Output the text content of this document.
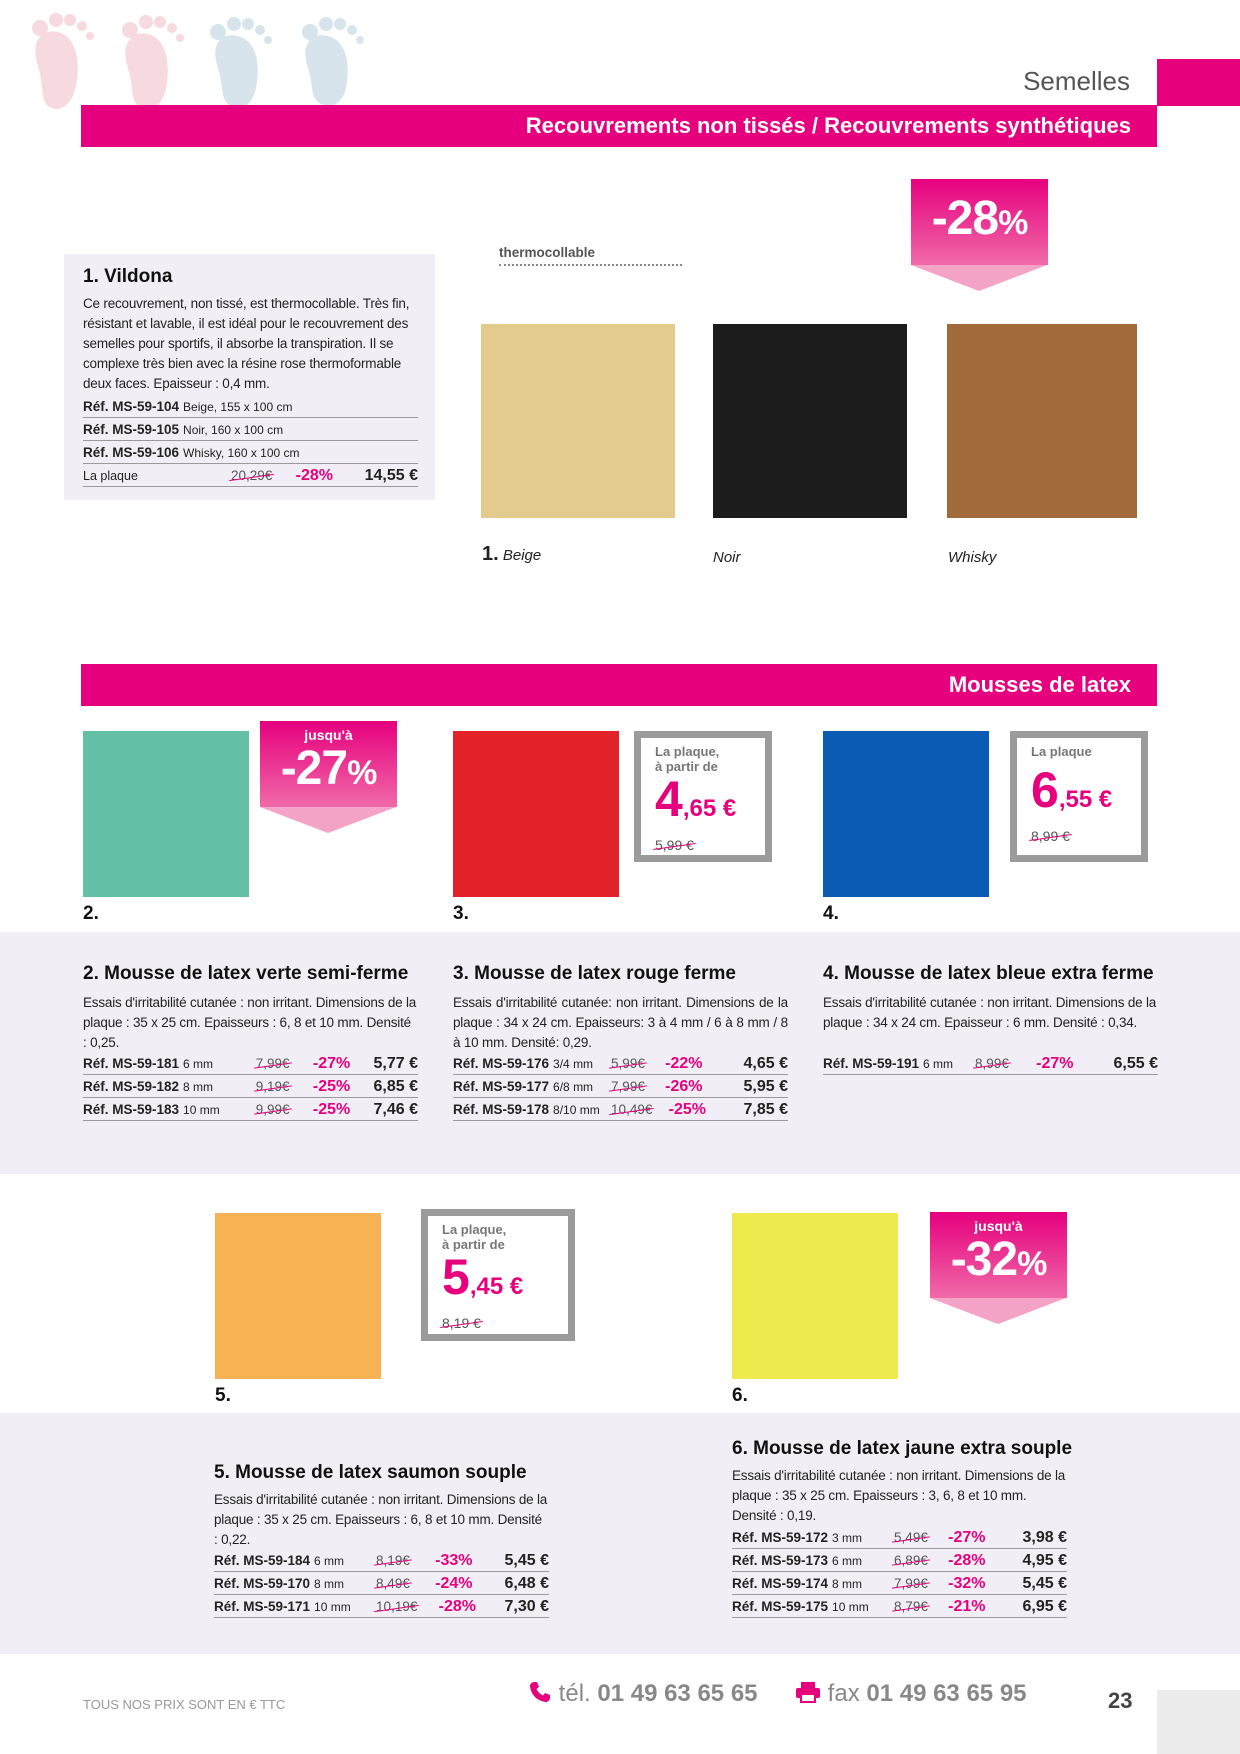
Semelles
Recouvrements non tissés / Recouvrements synthétiques
1. Vildona
Ce recouvrement, non tissé, est thermocollable. Très fin, résistant et lavable, il est idéal pour le recouvrement des semelles pour sportifs, il absorbe la transpiration. Il se complexe très bien avec la résine rose thermoformable deux faces. Epaisseur : 0,4 mm.
Réf. MS-59-104 Beige, 155 x 100 cm
Réf. MS-59-105 Noir, 160 x 100 cm
Réf. MS-59-106 Whisky, 160 x 100 cm
La plaque	20,29€	-28%	14,55 €
thermocollable
-28%
1. Beige	Noir	Whisky
Mousses de latex
jusqu'à
-27%
2.
2. Mousse de latex verte semi-ferme
Essais d'irritabilité cutanée : non irritant. Dimensions de la plaque : 35 x 25 cm. Epaisseurs : 6, 8 et 10 mm. Densité : 0,25.
Réf. MS-59-181 6 mm	7,99€	-27%	5,77 €
Réf. MS-59-182 8 mm	9,19€	-25%	6,85 €
Réf. MS-59-183 10 mm	9,99€	-25%	7,46 €
La plaque,
à partir de
4,65 €
5,99 €
3.
3. Mousse de latex rouge ferme
Essais d'irritabilité cutanée: non irritant. Dimensions de la plaque : 34 x 24 cm. Epaisseurs: 3 à 4 mm / 6 à 8 mm / 8 à 10 mm. Densité: 0,29.
Réf. MS-59-176 3/4 mm	5,99€	-22%	4,65 €
Réf. MS-59-177 6/8 mm	7,99€	-26%	5,95 €
Réf. MS-59-178 8/10 mm 10,49€	-25%	7,85 €
La plaque
6,55 €
8,99 €
4.
4. Mousse de latex bleue extra ferme
Essais d'irritabilité cutanée : non irritant. Dimensions de la plaque : 34 x 24 cm. Epaisseur : 6 mm. Densité : 0,34.
Réf. MS-59-191 6 mm	8,99€	-27%	6,55 €
La plaque,
à partir de
5,45 €
8,19 €
5.
5. Mousse de latex saumon souple
Essais d'irritabilité cutanée : non irritant. Dimensions de la plaque : 35 x 25 cm. Epaisseurs : 6, 8 et 10 mm. Densité : 0,22.
Réf. MS-59-184 6 mm	8,19€	-33%	5,45 €
Réf. MS-59-170 8 mm	8,49€	-24%	6,48 €
Réf. MS-59-171 10 mm	10,19€	-28%	7,30 €
jusqu'à
-32%
6.
6. Mousse de latex jaune extra souple
Essais d'irritabilité cutanée : non irritant. Dimensions de la plaque : 35 x 25 cm. Epaisseurs : 3, 6, 8 et 10 mm. Densité : 0,19.
Réf. MS-59-172 3 mm	5,49€	-27%	3,98 €
Réf. MS-59-173 6 mm	6,89€	-28%	4,95 €
Réf. MS-59-174 8 mm	7,99€	-32%	5,45 €
Réf. MS-59-175 10 mm	8,79€	-21%	6,95 €
TOUS NOS PRIX SONT EN € TTC	tél. 01 49 63 65 65	fax 01 49 63 65 95	23
